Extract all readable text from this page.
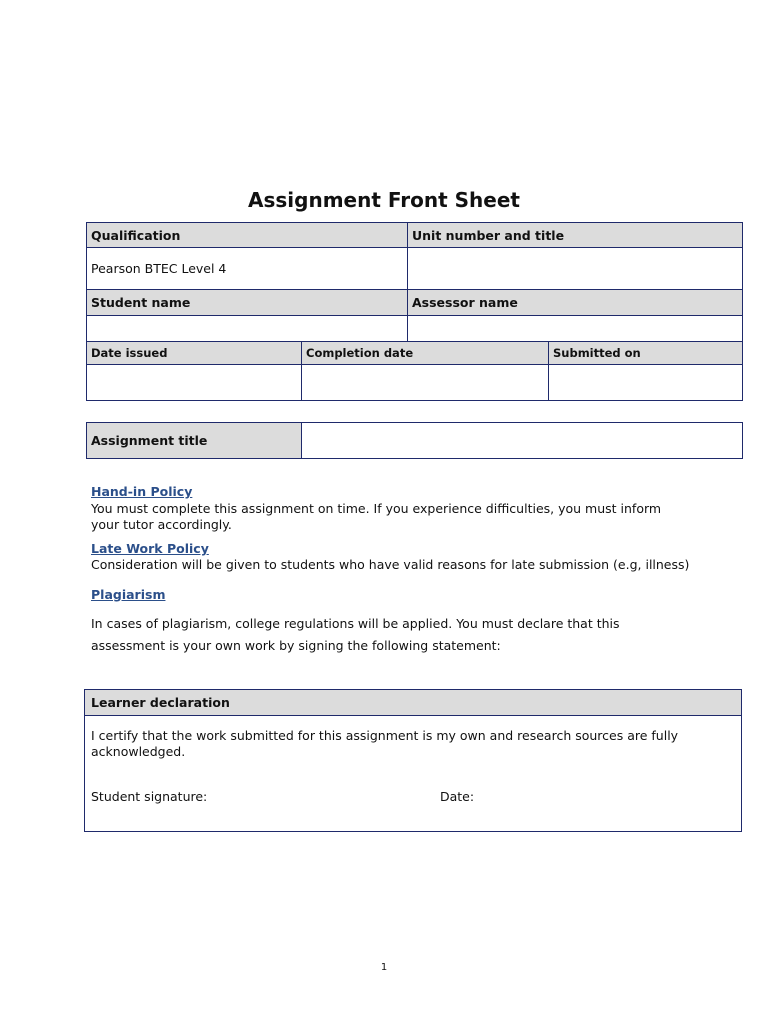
Assignment Front Sheet
Qualification	Unit number and title
Pearson BTEC Level 4	
Student name	Assessor name

Date issued	Completion date	Submitted on

Assignment title	
Hand-in Policy
You must complete this assignment on time. If you experience difficulties, you must inform
your tutor accordingly.
Late Work Policy
Consideration will be given to students who have valid reasons for late submission (e.g, illness)
Plagiarism
In cases of plagiarism, college regulations will be applied. You must declare that this
assessment is your own work by signing the following statement:
Learner declaration
I certify that the work submitted for this assignment is my own and research sources are fully acknowledged.
Student signature:	Date:
1
